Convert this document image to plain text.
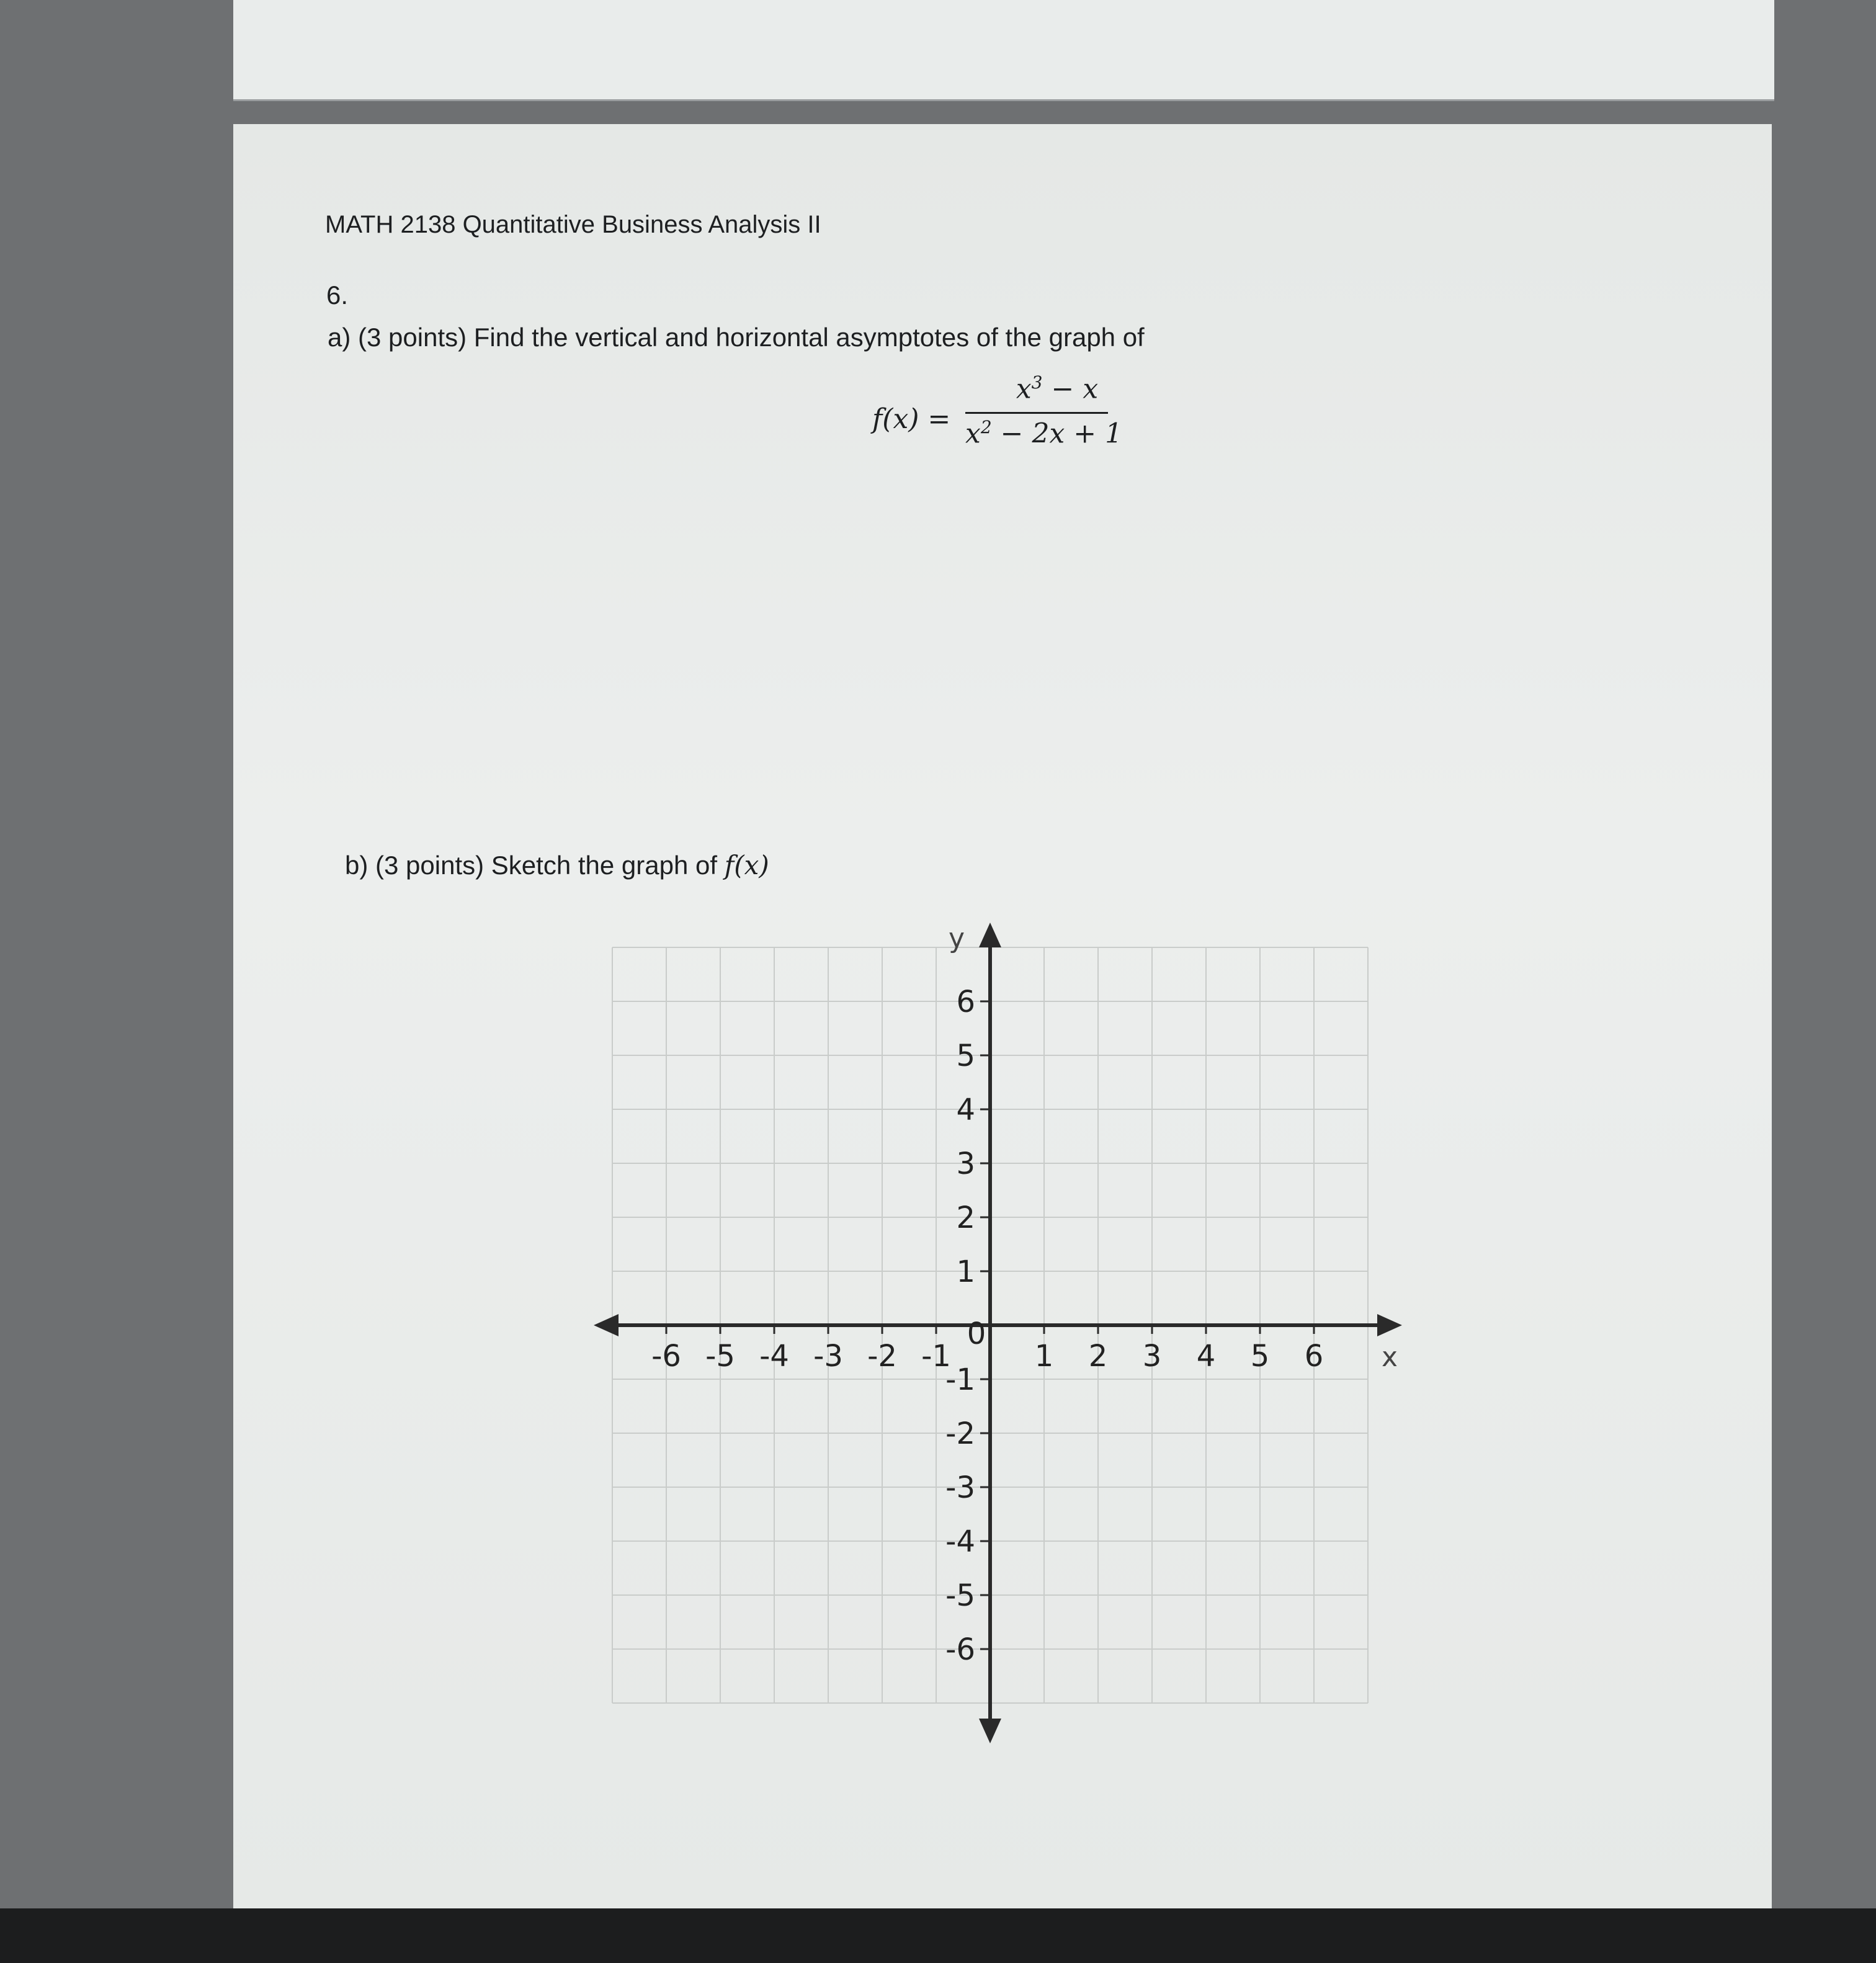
MATH 2138 Quantitative Business Analysis II
6.
a) (3 points) Find the vertical and horizontal asymptotes of the graph of
f(x) =
$x^3 - x$
$x^2 - 2x + 1$
b) (3 points) Sketch the graph of f(x)
-6 -5 -4 -3 -2 -1	1 2 3 4 5 6
6
5
4
3
2
1
-1
-2
-3
-4
-5
-6
0
x
y
